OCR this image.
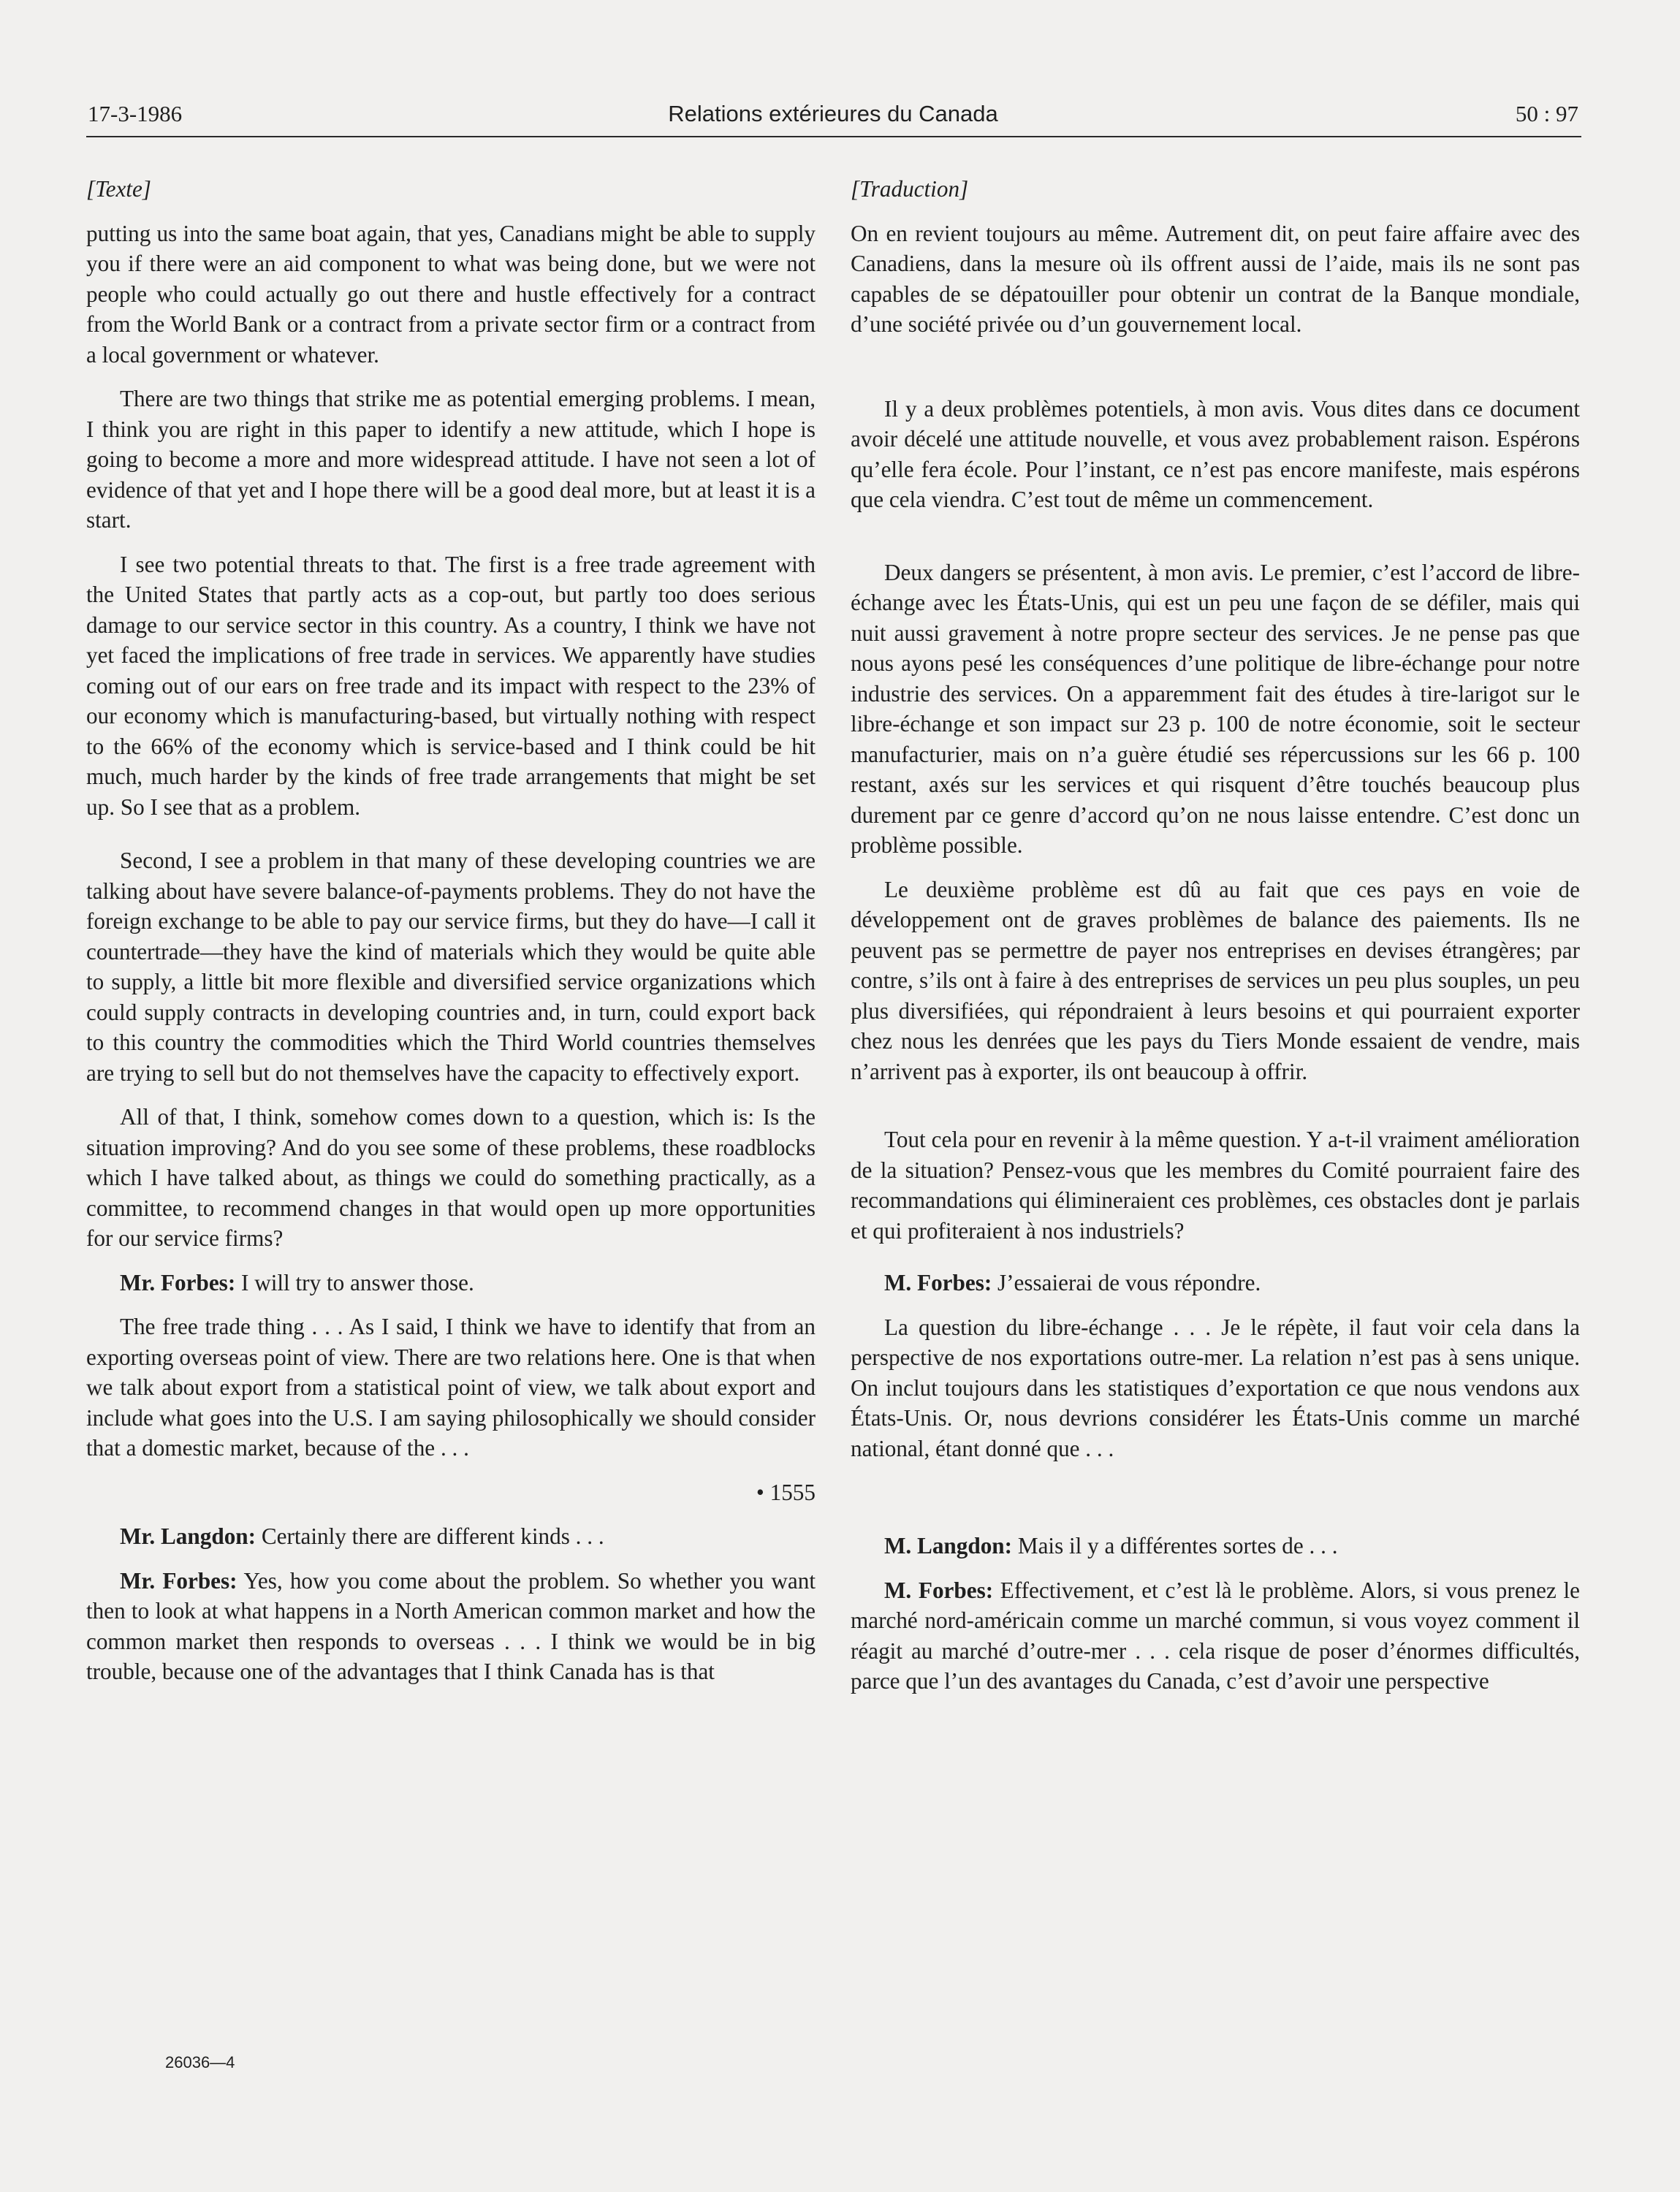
17-3-1986	Relations extérieures du Canada	50 : 97

[Texte]

putting us into the same boat again, that yes, Canadians might be able to supply you if there were an aid component to what was being done, but we were not people who could actually go out there and hustle effectively for a contract from the World Bank or a contract from a private sector firm or a contract from a local government or whatever.

There are two things that strike me as potential emerging problems. I mean, I think you are right in this paper to identify a new attitude, which I hope is going to become a more and more widespread attitude. I have not seen a lot of evidence of that yet and I hope there will be a good deal more, but at least it is a start.

I see two potential threats to that. The first is a free trade agreement with the United States that partly acts as a cop-out, but partly too does serious damage to our service sector in this country. As a country, I think we have not yet faced the implications of free trade in services. We apparently have studies coming out of our ears on free trade and its impact with respect to the 23% of our economy which is manufacturing-based, but virtually nothing with respect to the 66% of the economy which is service-based and I think could be hit much, much harder by the kinds of free trade arrangements that might be set up. So I see that as a problem.

Second, I see a problem in that many of these developing countries we are talking about have severe balance-of-payments problems. They do not have the foreign exchange to be able to pay our service firms, but they do have—I call it countertrade—they have the kind of materials which they would be quite able to supply, a little bit more flexible and diversified service organizations which could supply contracts in developing countries and, in turn, could export back to this country the commodities which the Third World countries themselves are trying to sell but do not themselves have the capacity to effectively export.

All of that, I think, somehow comes down to a question, which is: Is the situation improving? And do you see some of these problems, these roadblocks which I have talked about, as things we could do something practically, as a committee, to recommend changes in that would open up more opportunities for our service firms?

Mr. Forbes: I will try to answer those.

The free trade thing . . . As I said, I think we have to identify that from an exporting overseas point of view. There are two relations here. One is that when we talk about export from a statistical point of view, we talk about export and include what goes into the U.S. I am saying philosophically we should consider that a domestic market, because of the . . .

• 1555

Mr. Langdon: Certainly there are different kinds . . .

Mr. Forbes: Yes, how you come about the problem. So whether you want then to look at what happens in a North American common market and how the common market then responds to overseas . . . I think we would be in big trouble, because one of the advantages that I think Canada has is that

[Traduction]

On en revient toujours au même. Autrement dit, on peut faire affaire avec des Canadiens, dans la mesure où ils offrent aussi de l’aide, mais ils ne sont pas capables de se dépatouiller pour obtenir un contrat de la Banque mondiale, d’une société privée ou d’un gouvernement local.

Il y a deux problèmes potentiels, à mon avis. Vous dites dans ce document avoir décelé une attitude nouvelle, et vous avez probablement raison. Espérons qu’elle fera école. Pour l’instant, ce n’est pas encore manifeste, mais espérons que cela viendra. C’est tout de même un commencement.

Deux dangers se présentent, à mon avis. Le premier, c’est l’accord de libre-échange avec les États-Unis, qui est un peu une façon de se défiler, mais qui nuit aussi gravement à notre propre secteur des services. Je ne pense pas que nous ayons pesé les conséquences d’une politique de libre-échange pour notre industrie des services. On a apparemment fait des études à tire-larigot sur le libre-échange et son impact sur 23 p. 100 de notre économie, soit le secteur manufacturier, mais on n’a guère étudié ses répercussions sur les 66 p. 100 restant, axés sur les services et qui risquent d’être touchés beaucoup plus durement par ce genre d’accord qu’on ne nous laisse entendre. C’est donc un problème possible.

Le deuxième problème est dû au fait que ces pays en voie de développement ont de graves problèmes de balance des paiements. Ils ne peuvent pas se permettre de payer nos entreprises en devises étrangères; par contre, s’ils ont à faire à des entreprises de services un peu plus souples, un peu plus diversifiées, qui répondraient à leurs besoins et qui pourraient exporter chez nous les denrées que les pays du Tiers Monde essaient de vendre, mais n’arrivent pas à exporter, ils ont beaucoup à offrir.

Tout cela pour en revenir à la même question. Y a-t-il vraiment amélioration de la situation? Pensez-vous que les membres du Comité pourraient faire des recommandations qui élimineraient ces problèmes, ces obstacles dont je parlais et qui profiteraient à nos industriels?

M. Forbes: J’essaierai de vous répondre.

La question du libre-échange . . . Je le répète, il faut voir cela dans la perspective de nos exportations outre-mer. La relation n’est pas à sens unique. On inclut toujours dans les statistiques d’exportation ce que nous vendons aux États-Unis. Or, nous devrions considérer les États-Unis comme un marché national, étant donné que . . .

M. Langdon: Mais il y a différentes sortes de . . .

M. Forbes: Effectivement, et c’est là le problème. Alors, si vous prenez le marché nord-américain comme un marché commun, si vous voyez comment il réagit au marché d’outre-mer . . . cela risque de poser d’énormes difficultés, parce que l’un des avantages du Canada, c’est d’avoir une perspective

26036—4
